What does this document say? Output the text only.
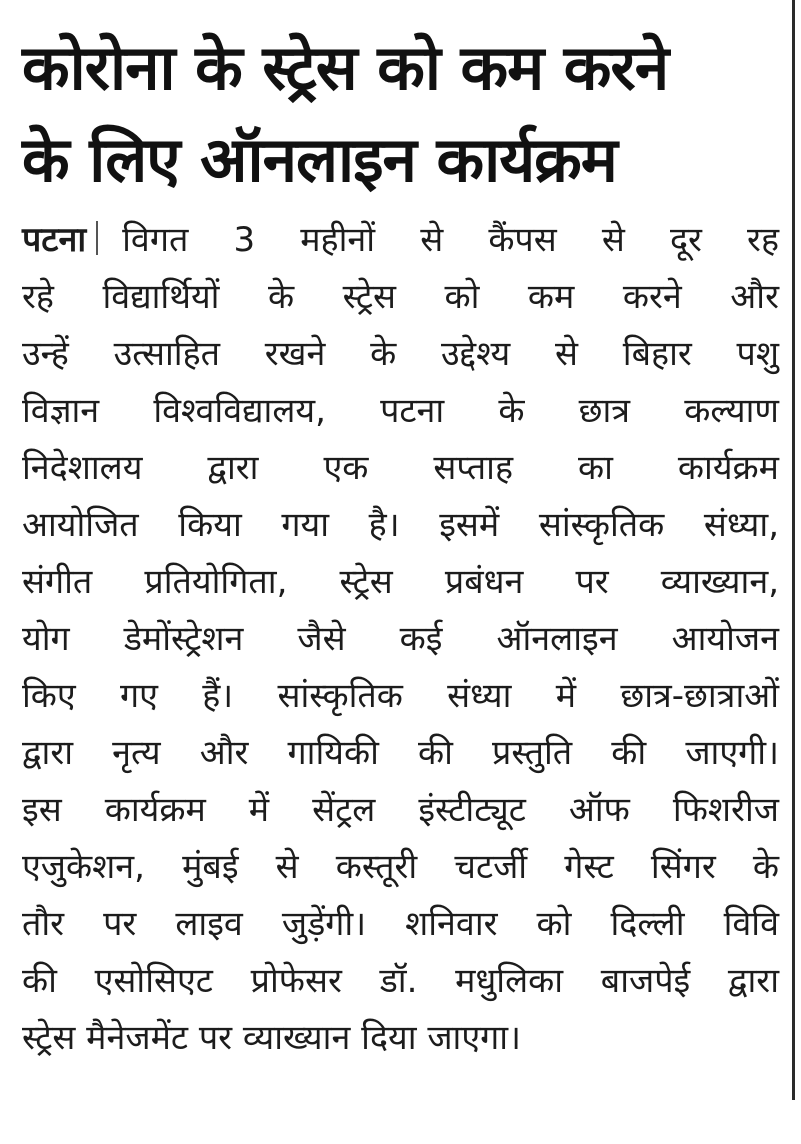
कोरोना के स्ट्रेस को कम करने
के लिए ऑनलाइन कार्यक्रम
पटना विगत 3 महीनों से कैंपस से दूर रह
रहे विद्यार्थियों के स्ट्रेस को कम करने और
उन्हें उत्साहित रखने के उद्देश्य से बिहार पशु
विज्ञान विश्वविद्यालय, पटना के छात्र कल्याण
निदेशालय द्वारा एक सप्ताह का कार्यक्रम
आयोजित किया गया है। इसमें सांस्कृतिक संध्या,
संगीत प्रतियोगिता, स्ट्रेस प्रबंधन पर व्याख्यान,
योग डेमोंस्ट्रेशन जैसे कई ऑनलाइन आयोजन
किए गए हैं। सांस्कृतिक संध्या में छात्र-छात्राओं
द्वारा नृत्य और गायिकी की प्रस्तुति की जाएगी।
इस कार्यक्रम में सेंट्रल इंस्टीट्यूट ऑफ फिशरीज
एजुकेशन, मुंबई से कस्तूरी चटर्जी गेस्ट सिंगर के
तौर पर लाइव जुड़ेंगी। शनिवार को दिल्ली विवि
की एसोसिएट प्रोफेसर डॉ. मधुलिका बाजपेई द्वारा
स्ट्रेस मैनेजमेंट पर व्याख्यान दिया जाएगा।
